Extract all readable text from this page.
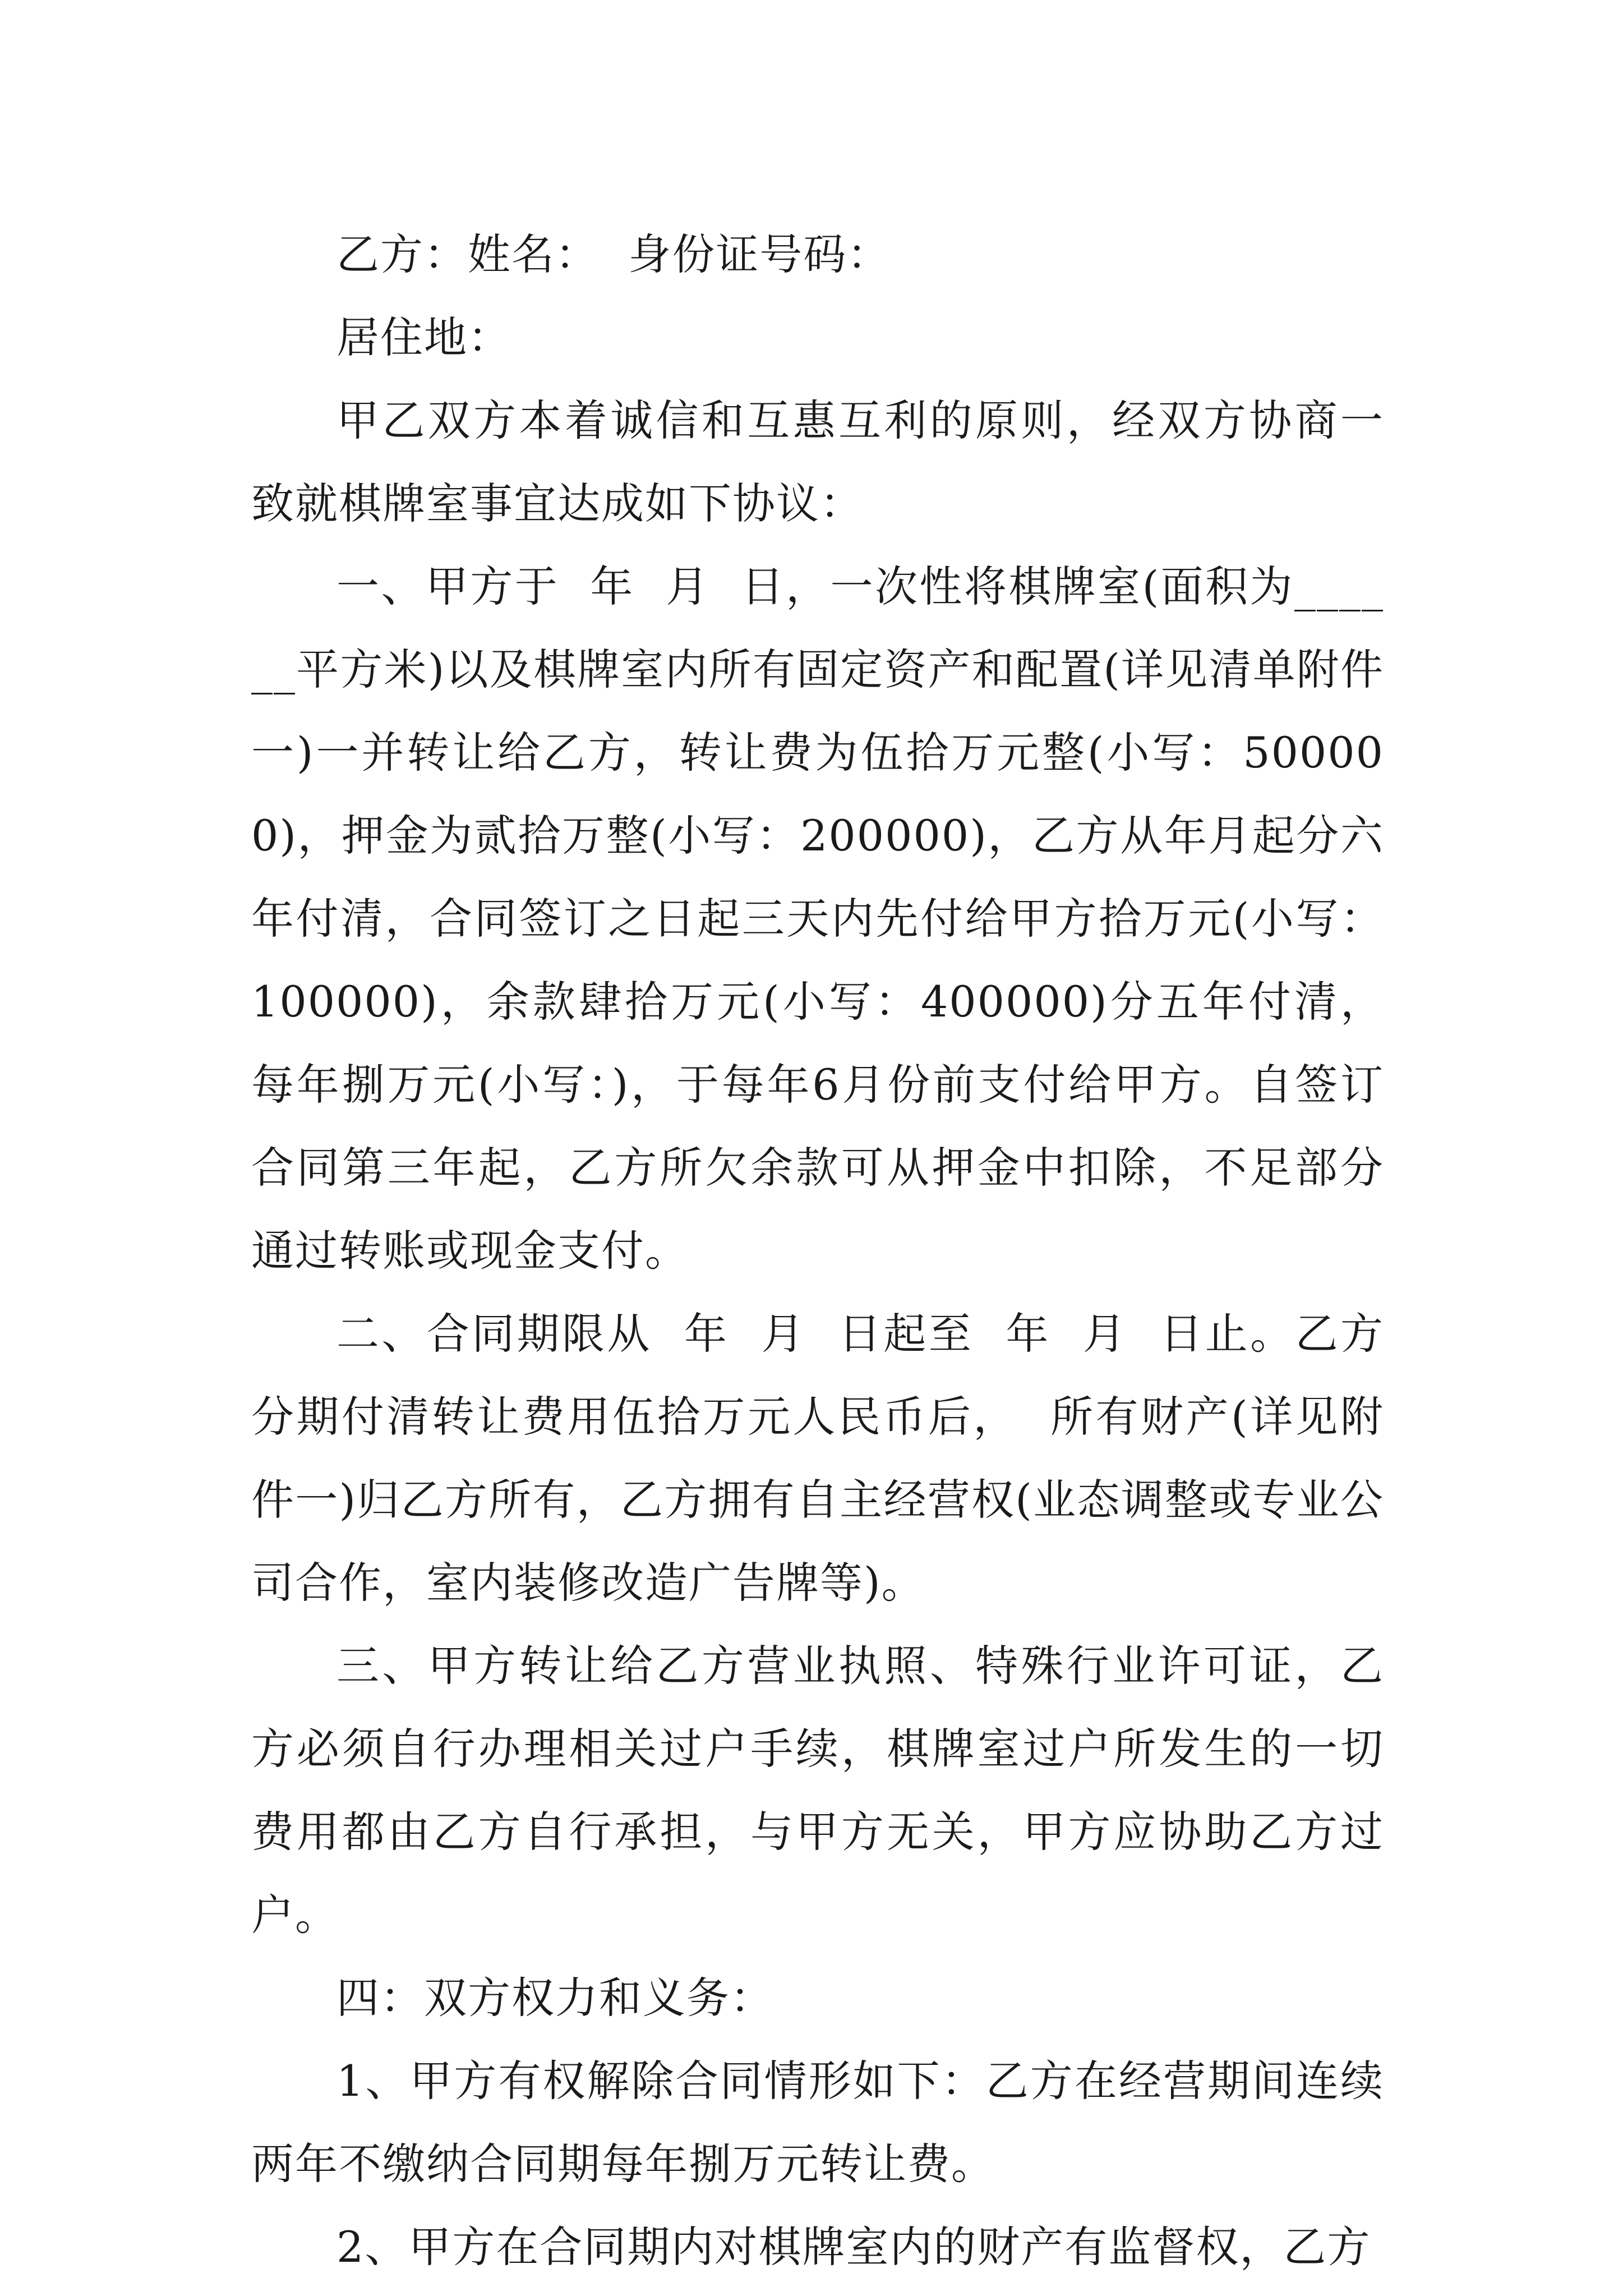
乙方：姓名：  身份证号码：

居住地：

甲乙双方本着诚信和互惠互利的原则，经双方协商一致就棋牌室事宜达成如下协议：

一、甲方于  年  月  日，一次性将棋牌室(面积为______平方米)以及棋牌室内所有固定资产和配置(详见清单附件一)一并转让给乙方，转让费为伍拾万元整(小写：500000)，押金为贰拾万整(小写：200000)，乙方从年月起分六年付清，合同签订之日起三天内先付给甲方拾万元(小写：100000)，余款肆拾万元(小写：400000)分五年付清，每年捌万元(小写：)，于每年6月份前支付给甲方。自签订合同第三年起，乙方所欠余款可从押金中扣除，不足部分通过转账或现金支付。

二、合同期限从  年  月  日起至  年  月  日止。乙方分期付清转让费用伍拾万元人民币后，  所有财产(详见附件一)归乙方所有，乙方拥有自主经营权(业态调整或专业公司合作，室内装修改造广告牌等)。

三、甲方转让给乙方营业执照、特殊行业许可证，乙方必须自行办理相关过户手续，棋牌室过户所发生的一切费用都由乙方自行承担，与甲方无关，甲方应协助乙方过户。

四：双方权力和义务：

1、甲方有权解除合同情形如下：乙方在经营期间连续两年不缴纳合同期每年捌万元转让费。

2、甲方在合同期内对棋牌室内的财产有监督权，乙方
